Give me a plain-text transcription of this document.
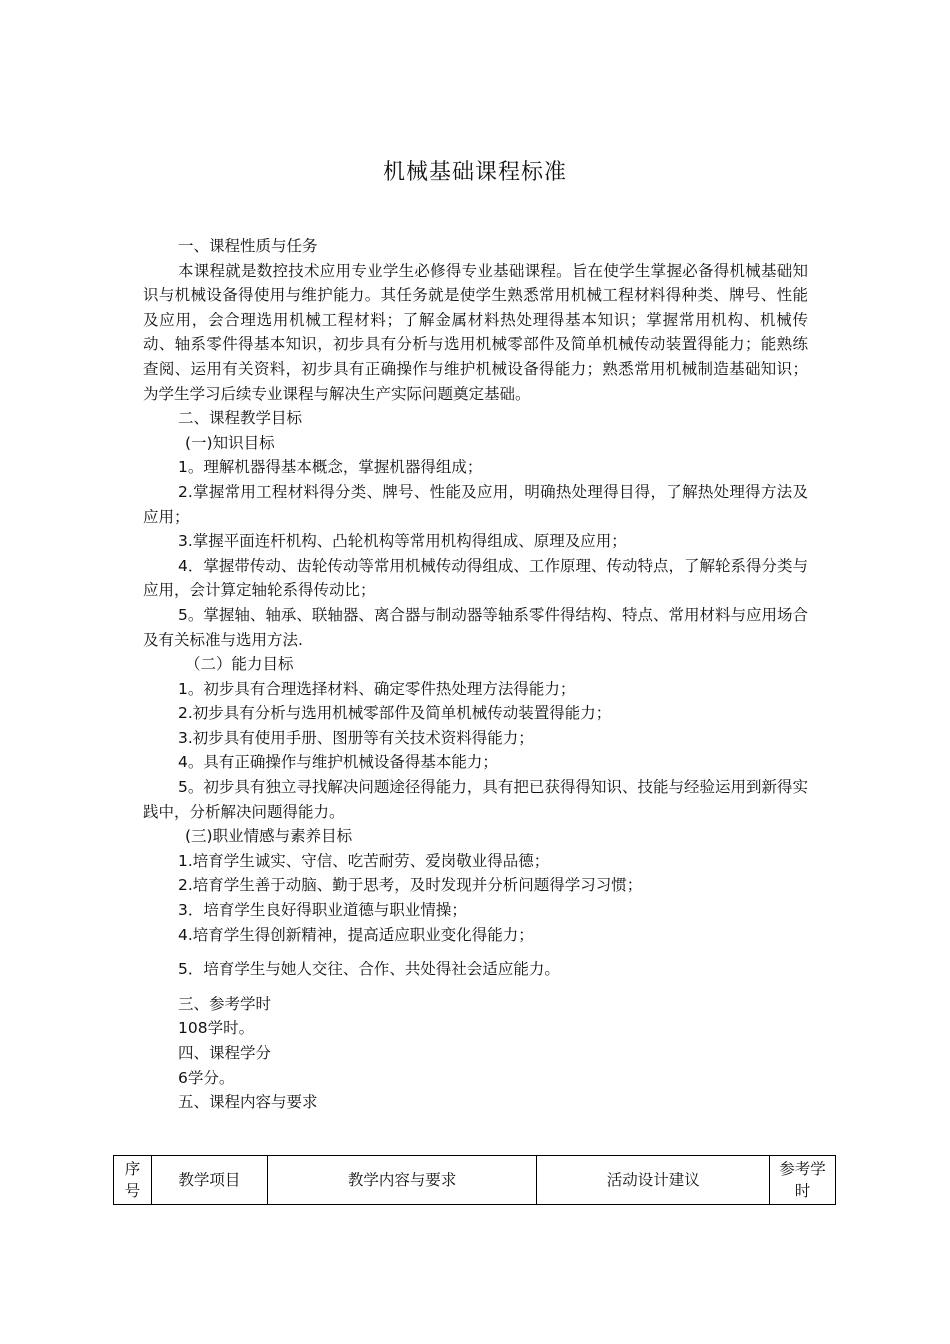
机械基础课程标准

一、课程性质与任务

本课程就是数控技术应用专业学生必修得专业基础课程。旨在使学生掌握必备得机械基础知识与机械设备得使用与维护能力。其任务就是使学生熟悉常用机械工程材料得种类、牌号、性能及应用，会合理选用机械工程材料；了解金属材料热处理得基本知识；掌握常用机构、机械传动、轴系零件得基本知识，初步具有分析与选用机械零部件及简单机械传动装置得能力；能熟练查阅、运用有关资料，初步具有正确操作与维护机械设备得能力；熟悉常用机械制造基础知识；为学生学习后续专业课程与解决生产实际问题奠定基础。

二、课程教学目标

(一)知识目标

1。理解机器得基本概念，掌握机器得组成；

2.掌握常用工程材料得分类、牌号、性能及应用，明确热处理得目得，了解热处理得方法及应用；

3.掌握平面连杆机构、凸轮机构等常用机构得组成、原理及应用；

4．掌握带传动、齿轮传动等常用机械传动得组成、工作原理、传动特点，了解轮系得分类与应用，会计算定轴轮系得传动比；

5。掌握轴、轴承、联轴器、离合器与制动器等轴系零件得结构、特点、常用材料与应用场合及有关标准与选用方法.

（二）能力目标

1。初步具有合理选择材料、确定零件热处理方法得能力；

2.初步具有分析与选用机械零部件及简单机械传动装置得能力；

3.初步具有使用手册、图册等有关技术资料得能力；

4。具有正确操作与维护机械设备得基本能力；

5。初步具有独立寻找解决问题途径得能力，具有把已获得得知识、技能与经验运用到新得实践中，分析解决问题得能力。

(三)职业情感与素养目标

1.培育学生诚实、守信、吃苦耐劳、爱岗敬业得品德；

2.培育学生善于动脑、勤于思考，及时发现并分析问题得学习习惯；

3．培育学生良好得职业道德与职业情操；

4.培育学生得创新精神，提高适应职业变化得能力；

5．培育学生与她人交往、合作、共处得社会适应能力。

三、参考学时

108学时。

四、课程学分

6学分。

五、课程内容与要求

序号	教学项目	教学内容与要求	活动设计建议	参考学时
